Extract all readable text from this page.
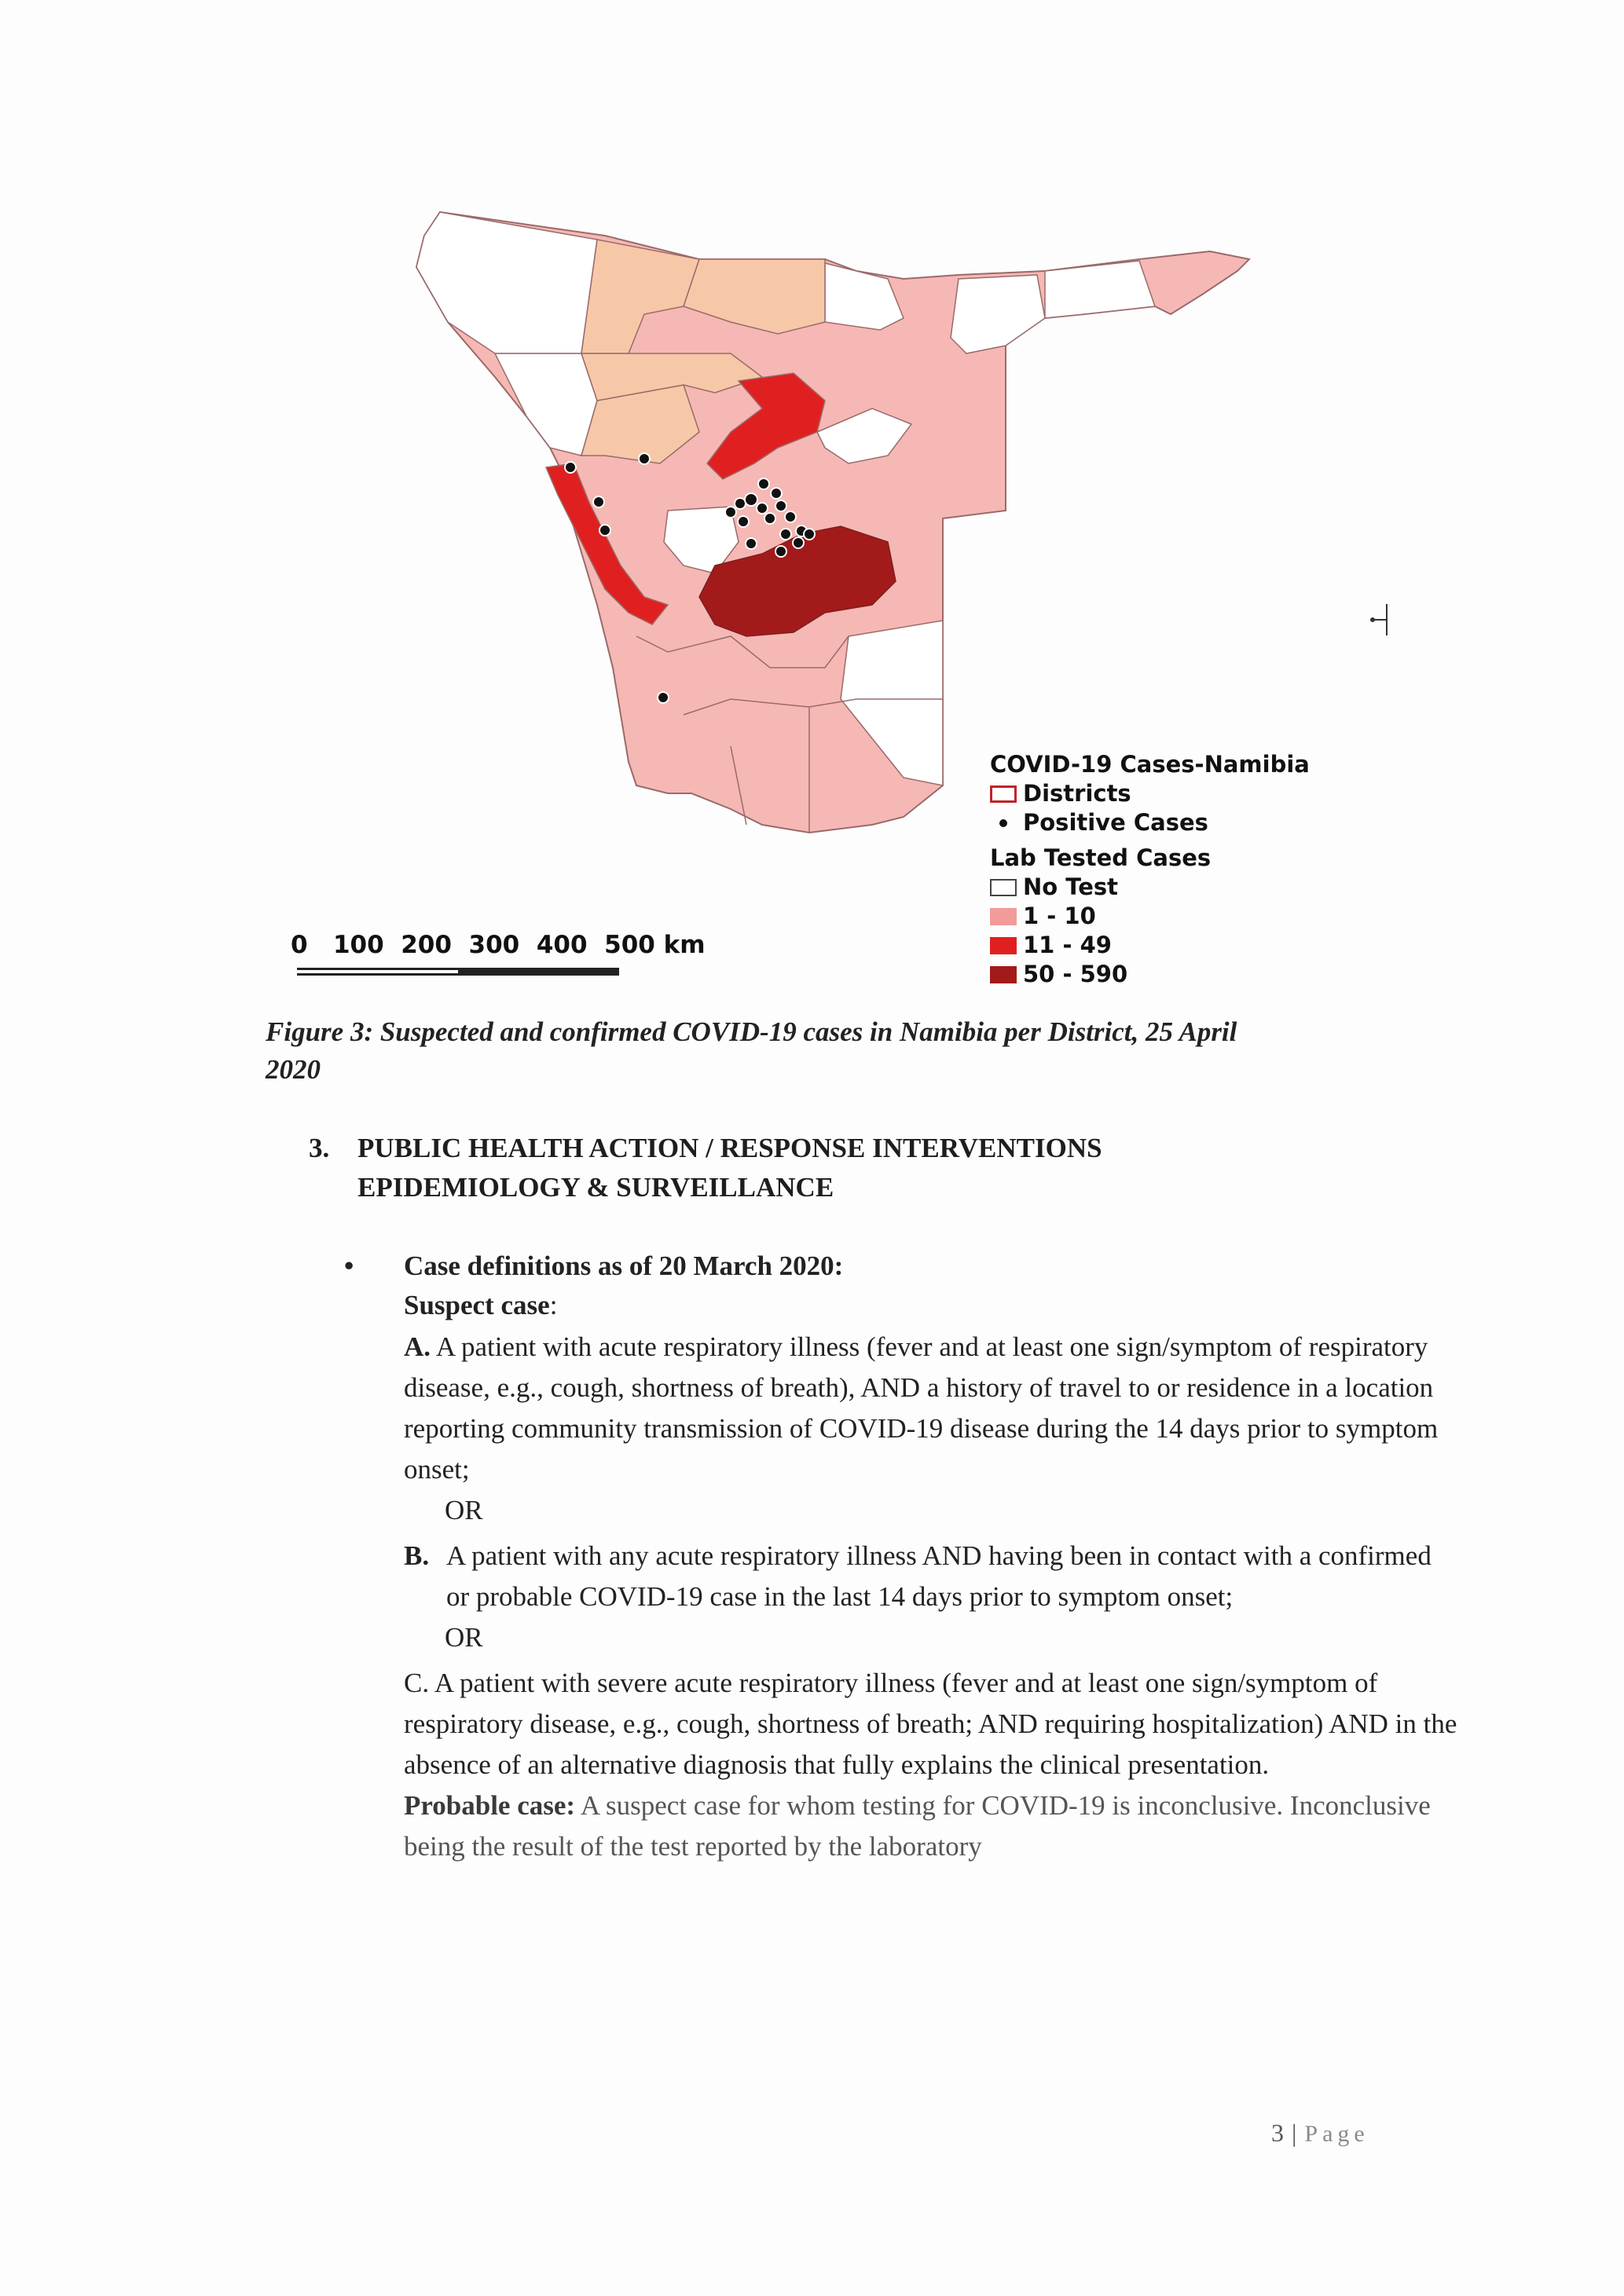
0   100  200  300  400  500 km
COVID-19 Cases-Namibia
Districts
Positive Cases
Lab Tested Cases
No Test
1 - 10
11 - 49
50 - 590
Figure 3: Suspected and confirmed COVID-19 cases in Namibia per District, 25 April
2020
3. PUBLIC HEALTH ACTION / RESPONSE INTERVENTIONS
EPIDEMIOLOGY & SURVEILLANCE
• Case definitions as of 20 March 2020:
Suspect case:
A. A patient with acute respiratory illness (fever and at least one sign/symptom of respiratory disease, e.g., cough, shortness of breath), AND a history of travel to or residence in a location reporting community transmission of COVID-19 disease during the 14 days prior to symptom onset;
OR
B. A patient with any acute respiratory illness AND having been in contact with a confirmed or probable COVID-19 case in the last 14 days prior to symptom onset;
OR
C. A patient with severe acute respiratory illness (fever and at least one sign/symptom of respiratory disease, e.g., cough, shortness of breath; AND requiring hospitalization) AND in the absence of an alternative diagnosis that fully explains the clinical presentation.
Probable case: A suspect case for whom testing for COVID-19 is inconclusive. Inconclusive being the result of the test reported by the laboratory
3 | Page
